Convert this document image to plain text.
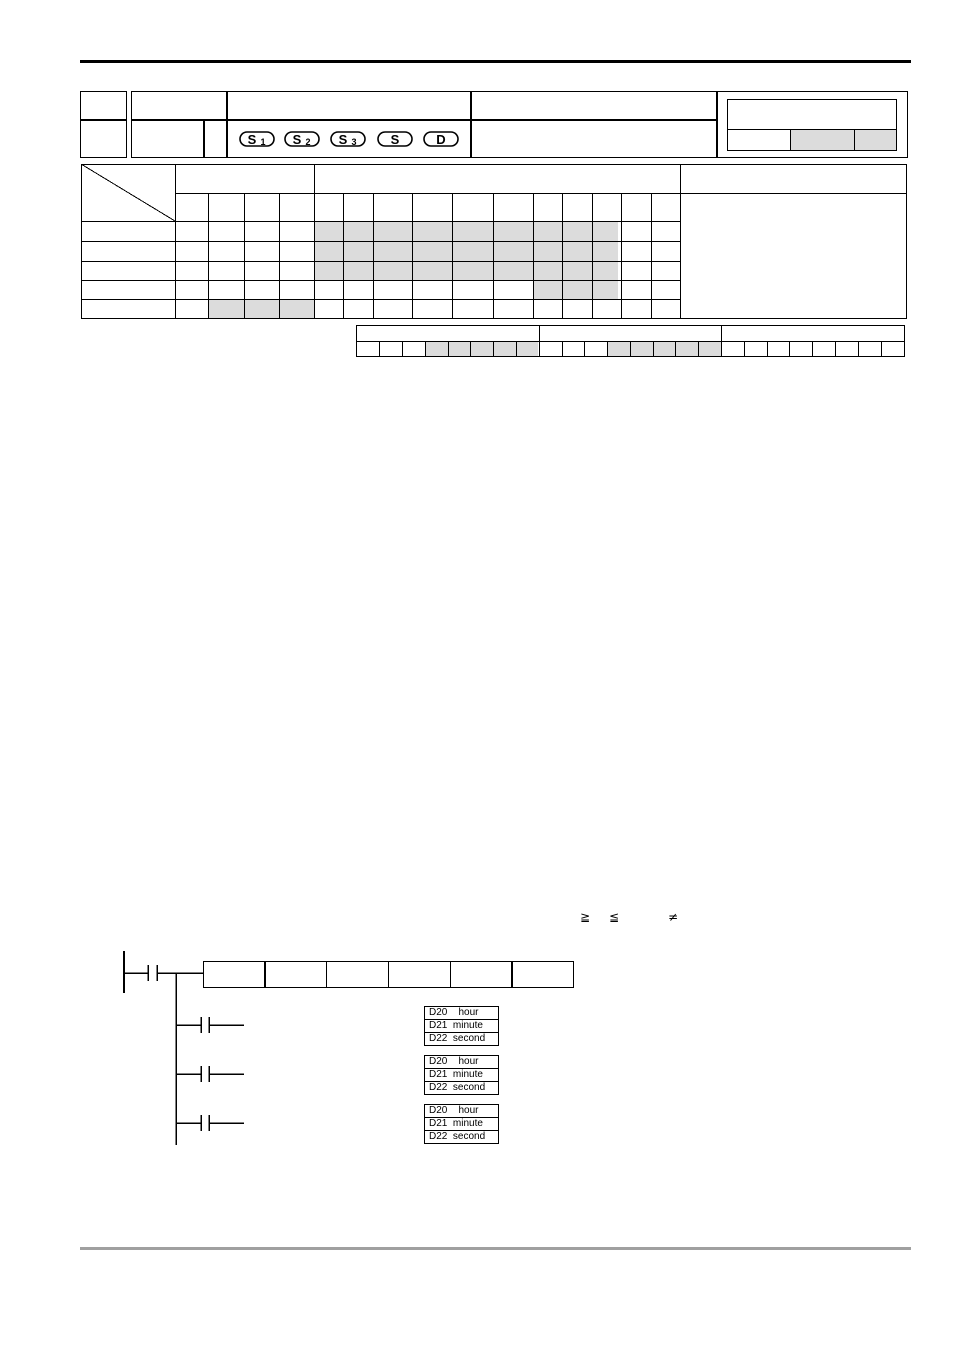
S 1 S 2 S 3	S	D
≧ ≦	≠
D20    hour
D21  minute
D22  second
D20    hour
D21  minute
D22  second
D20    hour
D21  minute
D22  second
